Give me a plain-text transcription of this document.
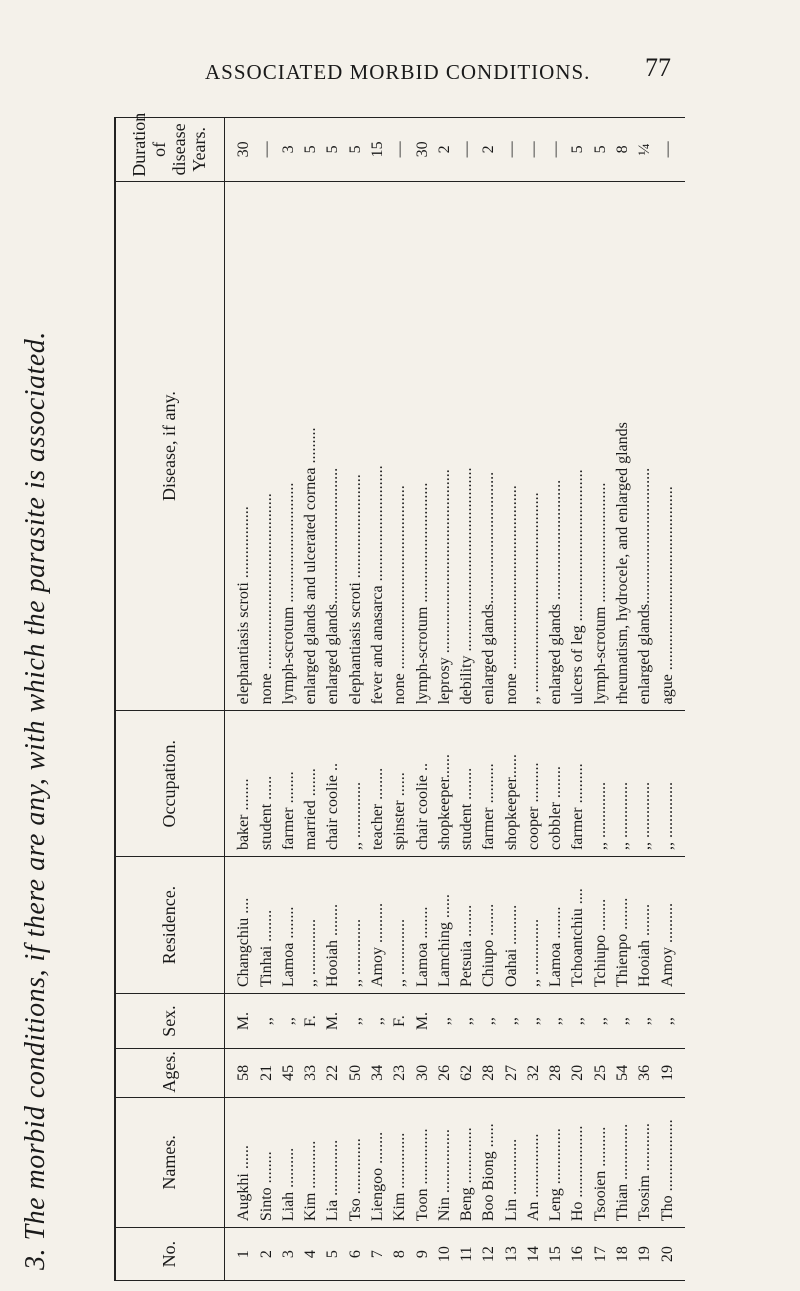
ASSOCIATED MORBID CONDITIONS. 77
3. The morbid conditions, if there are any, with which the parasite is associated.	No.	Names.	Ages.	Sex.	Residence.	Occupation.	Disease, if any.	Duration of disease Years.
1	Augkhi ......	58	M.	Changchiu ....	baker ........	elephantiasis scroti ..................	30
2	Sinto ........	21	,,	Tinhai ........	student ......	none ............................................	—
3	Liah ..........	45	,,	Lamoa ........	farmer ........	lymph-scrotum ..............................	3
4	Kim ............	33	F.	,, ..............	married .......	enlarged glands and ulcerated cornea .........	5
5	Lia ..............	22	M.	Hooiah ........	chair coolie ..	enlarged glands..................................	5
6	Tso ..............	50	,,	,, ..............	,, ..............	elephantiasis scroti ..........................	5
7	Liengoo ........	34	,,	Amoy ..........	teacher ........	fever and anasarca .............................	15
8	Kim ..............	23	F.	,, ..............	spinster ......	none ..............................................	—
9	Toon ..............	30	M.	Lamoa ........	chair coolie ..	lymph-scrotum ..............................	30
10	Nin ................	26	,,	Lamching ......	shopkeeper......	leprosy ..............................................	2
11	Beng ..............	62	,,	Petsuia ........	student ........	debility ..............................................	—
12	Boo Biong ......	28	,,	Chiupo ........	farmer ..........	enlarged glands.................................	2
13	Lin ..............	27	,,	Oahai ..........	shopkeeper......	none ..............................................	—
14	An ................	32	,,	,, ..............	cooper ..........	,, ..................................................	—
15	Leng ..............	28	,,	Lamoa ........	cobbler ........	enlarged glands ..............................	—
16	Ho ..................	20	,,	Tchoantchiu ....	farmer ..........	ulcers of leg ......................................	5
17	Tsooien ..........	25	,,	Tchiupo ........	,, ..............	lymph-scrotum ..............................	5
18	Thian ..............	54	,,	Thienpo ........	,, ..............	rheumatism, hydrocele, and enlarged glands	8
19	Tsosim ............	36	,,	Hooiah ........	,, ..............	enlarged glands..................................	¼
20	Tho ..................	19	,,	Amoy ..........	,, ..............	ague ..............................................	—
